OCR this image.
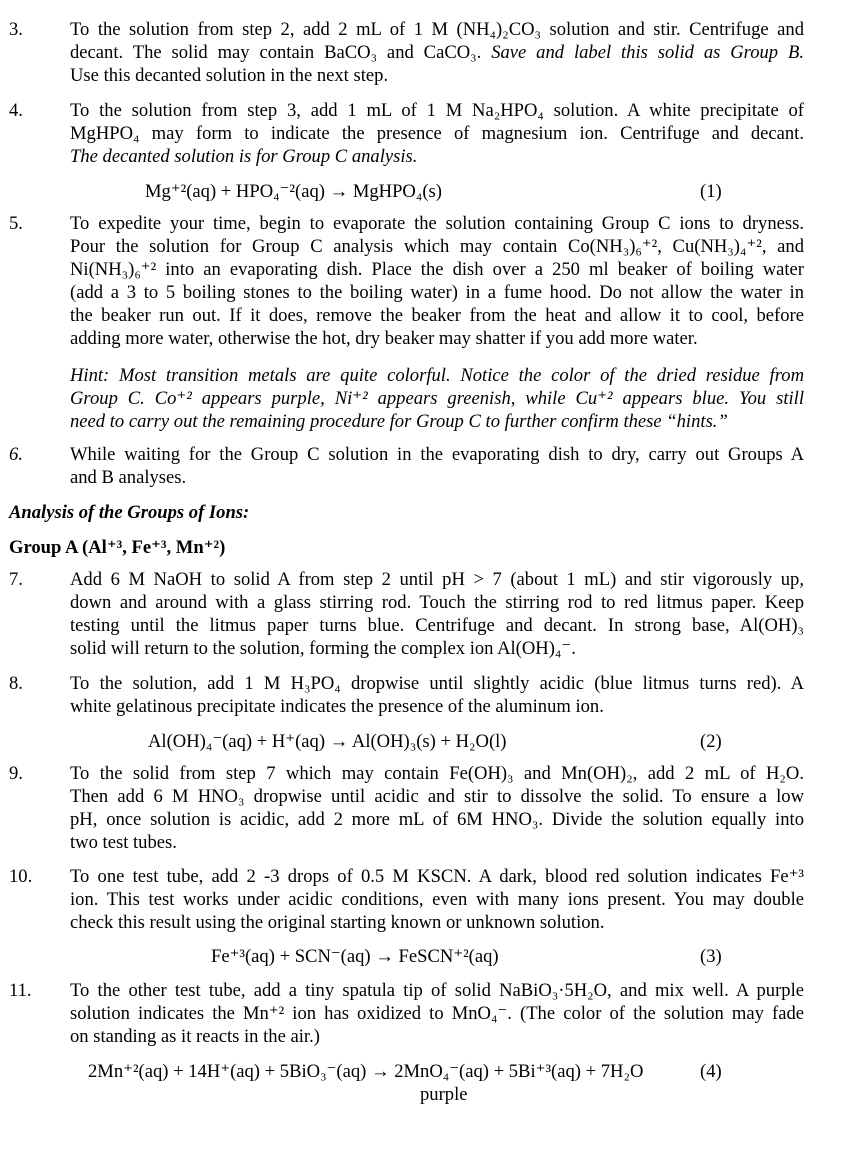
3.	To the solution from step 2, add 2 mL of 1 M (NH₄)₂CO₃ solution and stir. Centrifuge and
decant. The solid may contain BaCO₃ and CaCO₃. Save and label this solid as Group B.
Use this decanted solution in the next step.
4.	To the solution from step 3, add 1 mL of 1 M Na₂HPO₄ solution. A white precipitate of
MgHPO₄ may form to indicate the presence of magnesium ion. Centrifuge and decant.
The decanted solution is for Group C analysis.
Mg⁺²(aq) + HPO₄⁻²(aq) → MgHPO₄(s)	(1)
5.	To expedite your time, begin to evaporate the solution containing Group C ions to dryness.
Pour the solution for Group C analysis which may contain Co(NH₃)₆⁺², Cu(NH₃)₄⁺², and
Ni(NH₃)₆⁺² into an evaporating dish. Place the dish over a 250 ml beaker of boiling water
(add a 3 to 5 boiling stones to the boiling water) in a fume hood. Do not allow the water in
the beaker run out. If it does, remove the beaker from the heat and allow it to cool, before
adding more water, otherwise the hot, dry beaker may shatter if you add more water.
Hint: Most transition metals are quite colorful. Notice the color of the dried residue from
Group C. Co⁺² appears purple, Ni⁺² appears greenish, while Cu⁺² appears blue. You still
need to carry out the remaining procedure for Group C to further confirm these “hints.”
6.	While waiting for the Group C solution in the evaporating dish to dry, carry out Groups A
and B analyses.
Analysis of the Groups of Ions:
Group A (Al⁺³, Fe⁺³, Mn⁺²)
7.	Add 6 M NaOH to solid A from step 2 until pH > 7 (about 1 mL) and stir vigorously up,
down and around with a glass stirring rod. Touch the stirring rod to red litmus paper. Keep
testing until the litmus paper turns blue. Centrifuge and decant. In strong base, Al(OH)₃
solid will return to the solution, forming the complex ion Al(OH)₄⁻.
8.	To the solution, add 1 M H₃PO₄ dropwise until slightly acidic (blue litmus turns red). A
white gelatinous precipitate indicates the presence of the aluminum ion.
Al(OH)₄⁻(aq) + H⁺(aq) → Al(OH)₃(s) + H₂O(l)	(2)
9.	To the solid from step 7 which may contain Fe(OH)₃ and Mn(OH)₂, add 2 mL of H₂O.
Then add 6 M HNO₃ dropwise until acidic and stir to dissolve the solid. To ensure a low
pH, once solution is acidic, add 2 more mL of 6M HNO₃. Divide the solution equally into
two test tubes.
10. To one test tube, add 2 -3 drops of 0.5 M KSCN. A dark, blood red solution indicates Fe⁺³
ion. This test works under acidic conditions, even with many ions present. You may double
check this result using the original starting known or unknown solution.
Fe⁺³(aq) + SCN⁻(aq) → FeSCN⁺²(aq)	(3)
11. To the other test tube, add a tiny spatula tip of solid NaBiO₃·5H₂O, and mix well. A purple
solution indicates the Mn⁺² ion has oxidized to MnO₄⁻. (The color of the solution may fade
on standing as it reacts in the air.)
2Mn⁺²(aq) + 14H⁺(aq) + 5BiO₃⁻(aq) → 2MnO₄⁻(aq) + 5Bi⁺³(aq) + 7H₂O	(4)
purple
